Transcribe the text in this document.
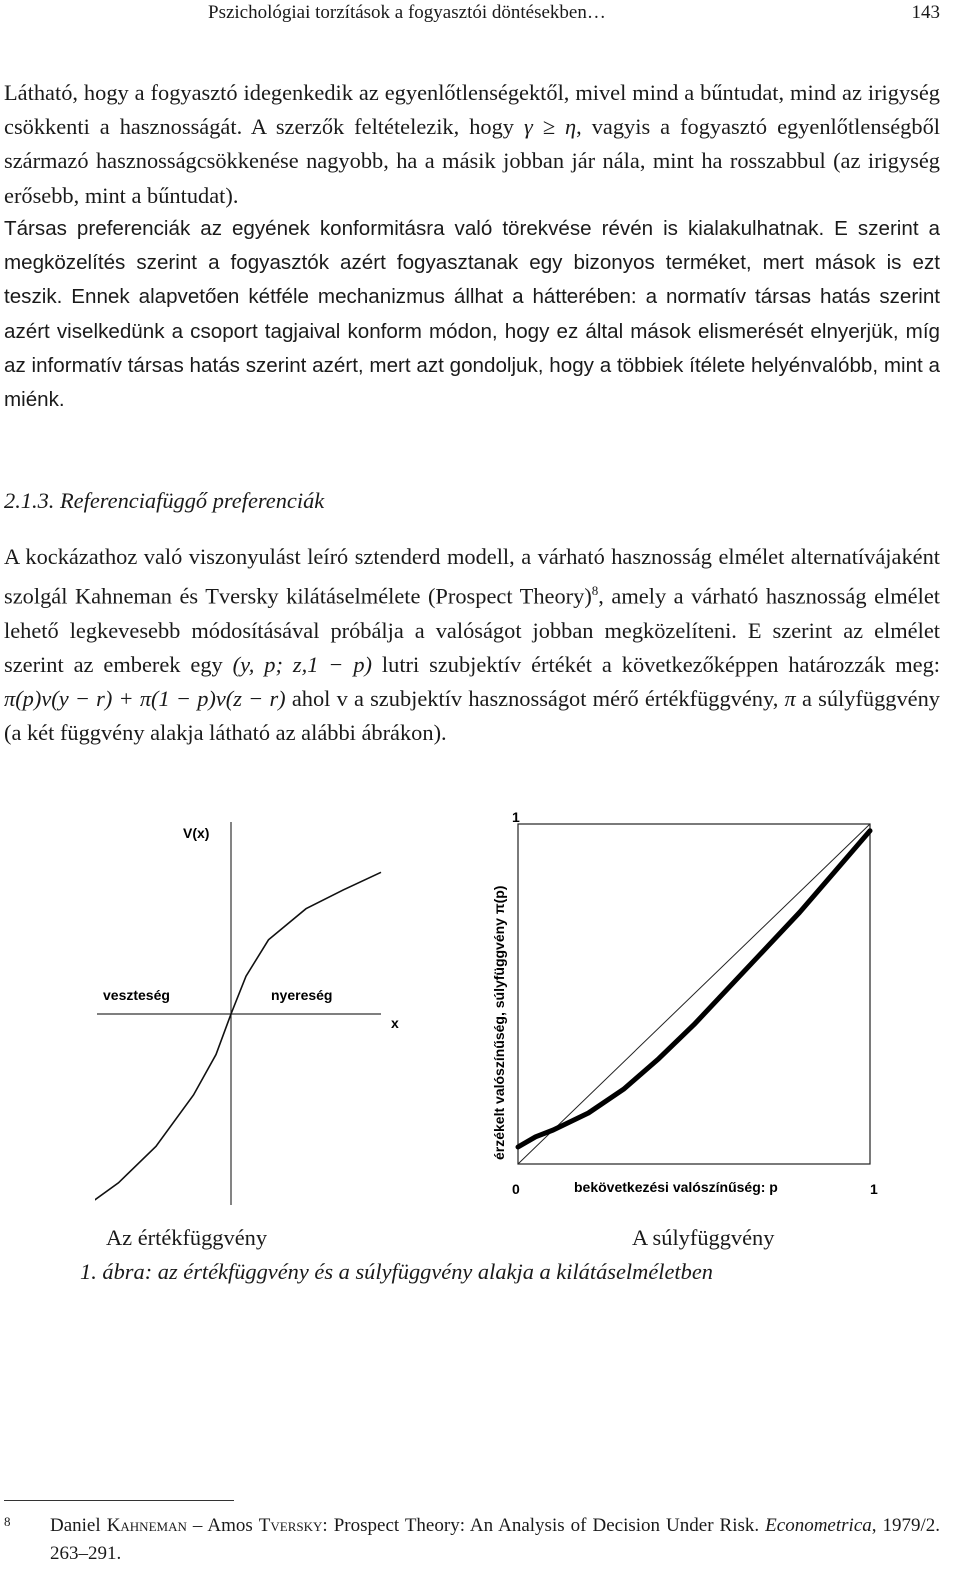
Pszichológiai torzítások a fogyasztói döntésekben…	143

Látható, hogy a fogyasztó idegenkedik az egyenlőtlenségektől, mivel mind a bűntudat, mind az irigység csökkenti a hasznosságát. A szerzők feltételezik, hogy γ ≥ η, vagyis a fogyasztó egyenlőtlenségből származó hasznosságcsökkenése nagyobb, ha a másik jobban jár nála, mint ha rosszabbul (az irigység erősebb, mint a bűntudat).

Társas preferenciák az egyének konformitásra való törekvése révén is kialakulhatnak. E szerint a megközelítés szerint a fogyasztók azért fogyasztanak egy bizonyos terméket, mert mások is ezt teszik. Ennek alapvetően kétféle mechanizmus állhat a hátterében: a normatív társas hatás szerint azért viselkedünk a csoport tagjaival konform módon, hogy ez által mások elismerését elnyerjük, míg az informatív társas hatás szerint azért, mert azt gondoljuk, hogy a többiek ítélete helyénvalóbb, mint a miénk.

2.1.3. Referenciafüggő preferenciák

A kockázathoz való viszonyulást leíró sztenderd modell, a várható hasznosság elmélet alternatívájaként szolgál Kahneman és Tversky kilátáselmélete (Prospect Theory)$^8$, amely a várható hasznosság elmélet lehető legkevesebb módosításával próbálja a valóságot jobban megközelíteni. E szerint az elmélet szerint az emberek egy (y, p; z,1 − p) lutri szubjektív értékét a következőképpen határozzák meg: π(p)v(y − r) + π(1 − p)v(z − r) ahol v a szubjektív hasznosságot mérő értékfüggvény, π a súlyfüggvény (a két függvény alakja látható az alábbi ábrákon).

V(x)
x
veszteség	nyereség
1
0	1
bekövetkezési valószínűség: p
érzékelt valószínűség, súlyfüggvény π(p)
Az értékfüggvény	A súlyfüggvény
1. ábra: az értékfüggvény és a súlyfüggvény alakja a kilátáselméletben
8 Daniel Kahneman – Amos Tversky: Prospect Theory: An Analysis of Decision Under Risk. Econometrica, 1979/2. 263–291.
